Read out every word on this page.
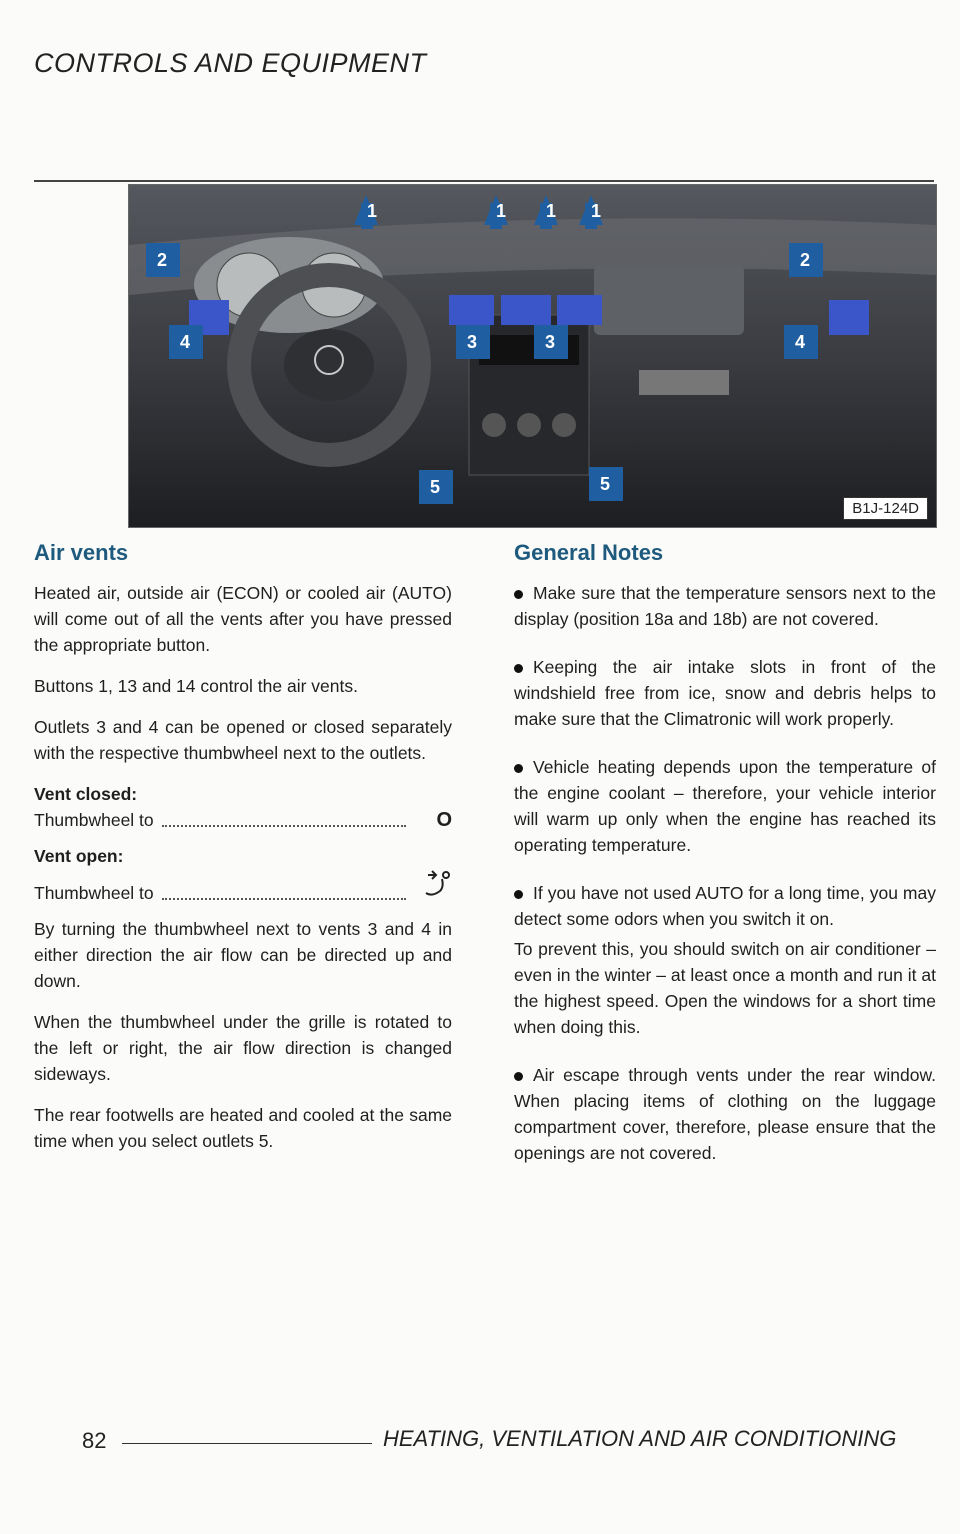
CONTROLS AND EQUIPMENT
1	1 1 1
2	2
3	3
4	4
5	5
B1J-124D
Air vents

Heated air, outside air (ECON) or cooled air (AUTO) will come out of all the vents after you have pressed the appropriate button.

Buttons 1, 13 and 14 control the air vents.

Outlets 3 and 4 can be opened or closed separately with the respective thumbwheel next to the outlets.

Vent closed:
Thumbwheel to	O
Vent open:
Thumbwheel to

By turning the thumbwheel next to vents 3 and 4 in either direction the air flow can be directed up and down.

When the thumbwheel under the grille is rotated to the left or right, the air flow direction is changed sideways.

The rear footwells are heated and cooled at the same time when you select outlets 5.

General Notes

Make sure that the temperature sensors next to the display (position 18a and 18b) are not covered.

Keeping the air intake slots in front of the windshield free from ice, snow and debris helps to make sure that the Climatronic will work properly.

Vehicle heating depends upon the temperature of the engine coolant – therefore, your vehicle interior will warm up only when the engine has reached its operating temperature.

If you have not used AUTO for a long time, you may detect some odors when you switch it on.

To prevent this, you should switch on air conditioner – even in the winter – at least once a month and run it at the highest speed. Open the windows for a short time when doing this.

Air escape through vents under the rear window. When placing items of clothing on the luggage compartment cover, therefore, please ensure that the openings are not covered.

82	HEATING, VENTILATION AND AIR CONDITIONING
